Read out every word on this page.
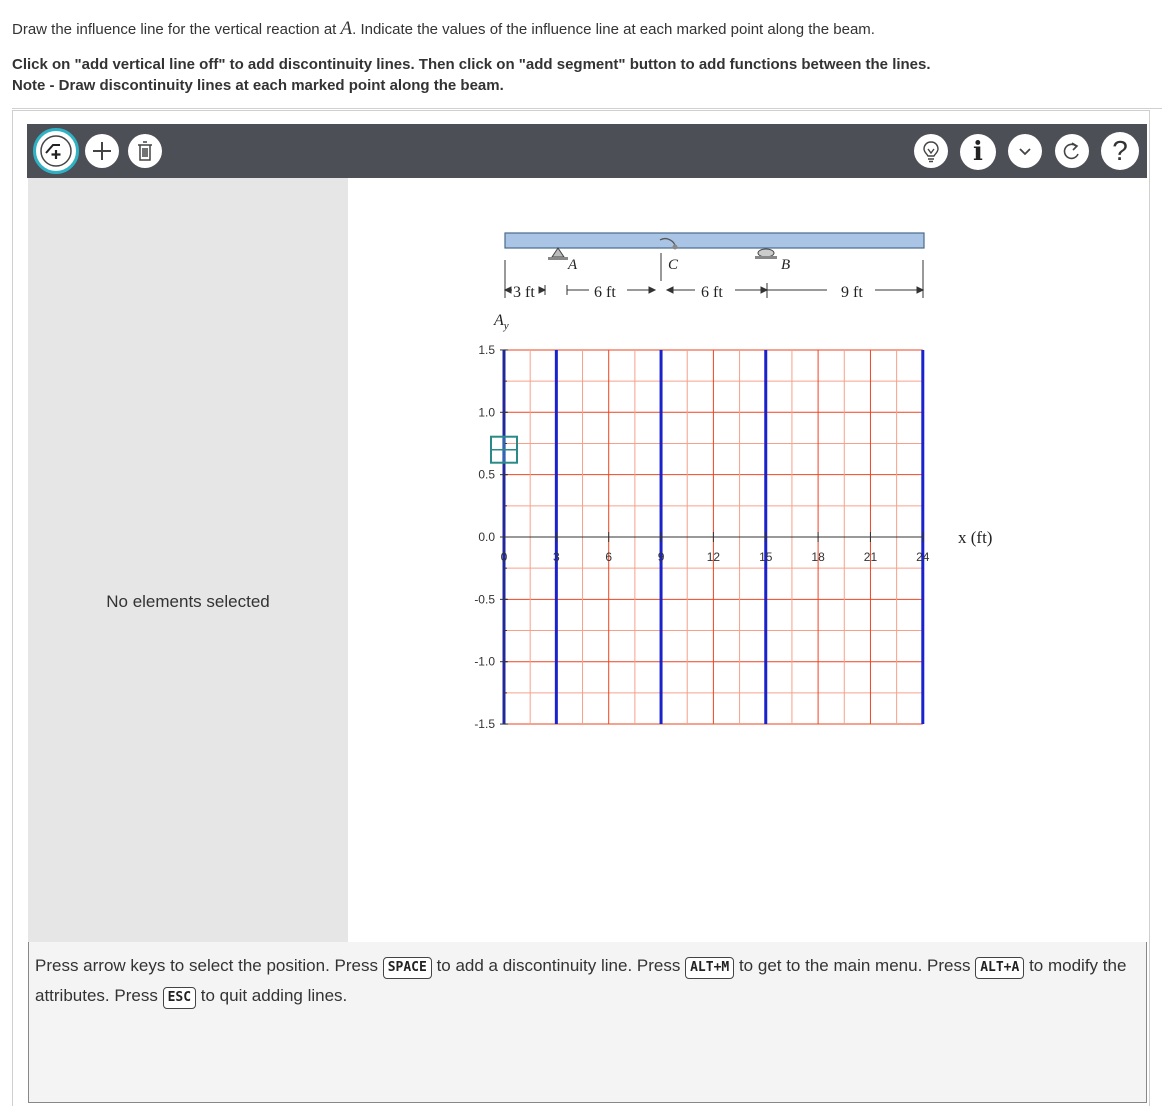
Draw the influence line for the vertical reaction at A. Indicate the values of the influence line at each marked point along the beam.
Click on "add vertical line off" to add discontinuity lines. Then click on "add segment" button to add functions between the lines.
Note - Draw discontinuity lines at each marked point along the beam.
i	?
No elements selected
A	C	B
3 ft	6 ft	6 ft	9 ft
$A_y$
x (ft)
1.5
1.0
0.5
0.0
-0.5
-1.0
-1.5
0	3	6	9	12	15	18	21	24
Press arrow keys to select the position. Press SPACE to add a discontinuity line. Press ALT+M to get to the main menu. Press ALT+A to modify the attributes. Press ESC to quit adding lines.
